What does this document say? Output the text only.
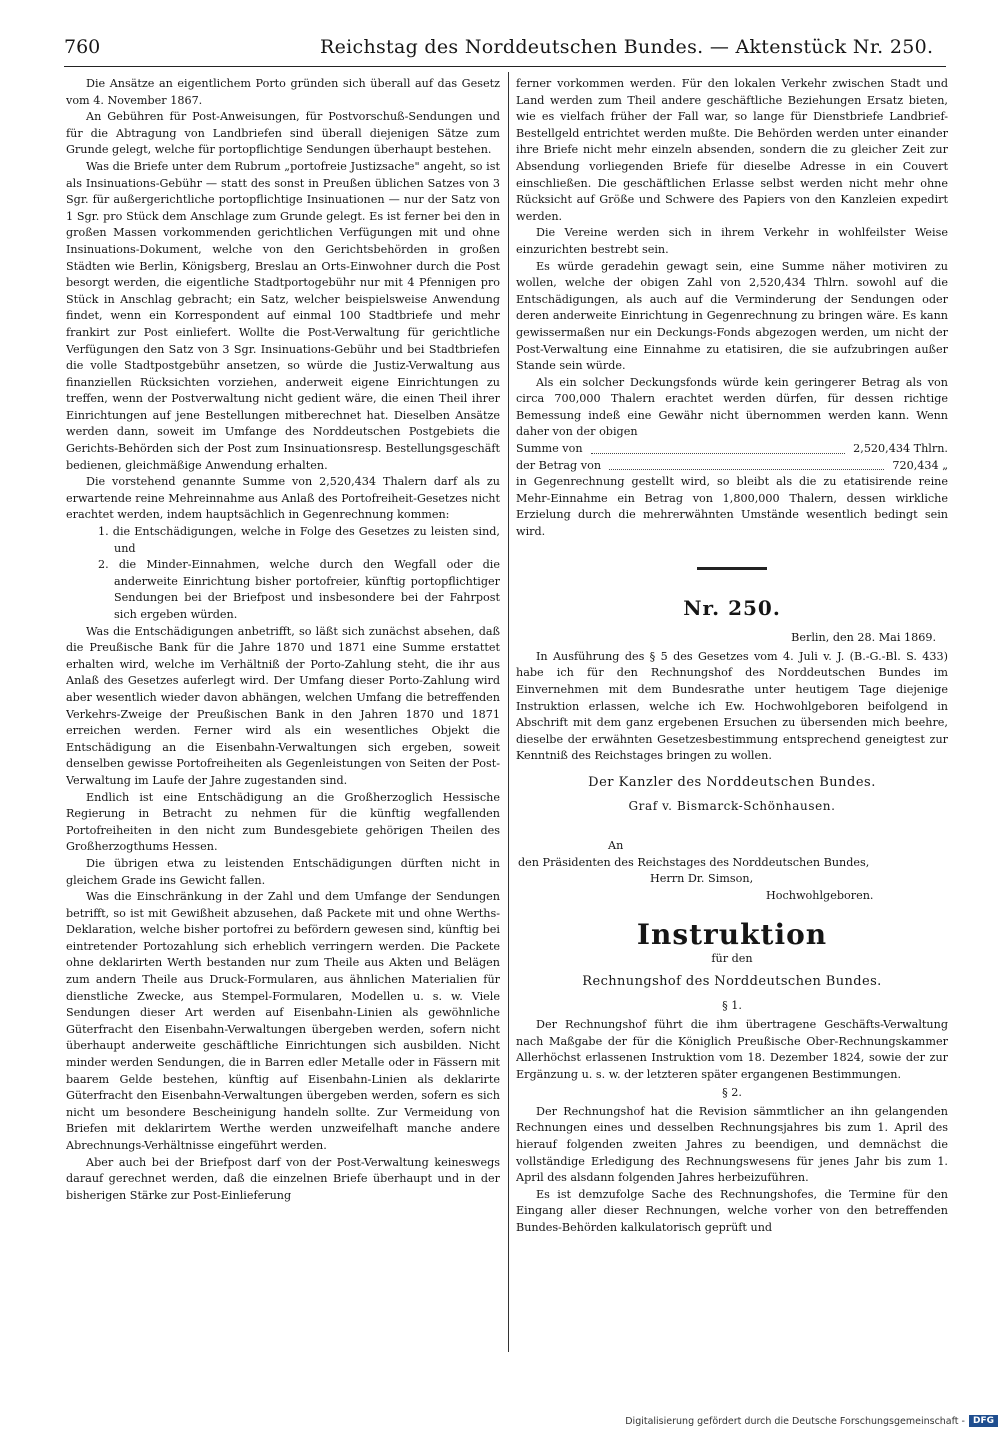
760	Reichstag des Norddeutschen Bundes. — Aktenstück Nr. 250.

Die Ansätze an eigentlichem Porto gründen sich überall auf das Gesetz vom 4. November 1867.

An Gebühren für Post-Anweisungen, für Postvorschuß-Sendungen und für die Abtragung von Landbriefen sind überall diejenigen Sätze zum Grunde gelegt, welche für portopflichtige Sendungen überhaupt bestehen.

Was die Briefe unter dem Rubrum „portofreie Justizsache" angeht, so ist als Insinuations-Gebühr — statt des sonst in Preußen üblichen Satzes von 3 Sgr. für außergerichtliche portopflichtige Insinuationen — nur der Satz von 1 Sgr. pro Stück dem Anschlage zum Grunde gelegt. Es ist ferner bei den in großen Massen vorkommenden gerichtlichen Verfügungen mit und ohne Insinuations-Dokument, welche von den Gerichtsbehörden in großen Städten wie Berlin, Königsberg, Breslau an Orts-Einwohner durch die Post besorgt werden, die eigentliche Stadtportogebühr nur mit 4 Pfennigen pro Stück in Anschlag gebracht; ein Satz, welcher beispielsweise Anwendung findet, wenn ein Korrespondent auf einmal 100 Stadtbriefe und mehr frankirt zur Post einliefert. Wollte die Post-Verwaltung für gerichtliche Verfügungen den Satz von 3 Sgr. Insinuations-Gebühr und bei Stadtbriefen die volle Stadtpostgebühr ansetzen, so würde die Justiz-Verwaltung aus finanziellen Rücksichten vorziehen, anderweit eigene Einrichtungen zu treffen, wenn der Postverwaltung nicht gedient wäre, die einen Theil ihrer Einrichtungen auf jene Bestellungen mitberechnet hat. Dieselben Ansätze werden dann, soweit im Umfange des Norddeutschen Postgebiets die Gerichts-Behörden sich der Post zum Insinuationsresp. Bestellungsgeschäft bedienen, gleichmäßige Anwendung erhalten.

Die vorstehend genannte Summe von 2,520,434 Thalern darf als zu erwartende reine Mehreinnahme aus Anlaß des Portofreiheit-Gesetzes nicht erachtet werden, indem hauptsächlich in Gegenrechnung kommen:

1. die Entschädigungen, welche in Folge des Gesetzes zu leisten sind, und
2. die Minder-Einnahmen, welche durch den Wegfall oder die anderweite Einrichtung bisher portofreier, künftig portopflichtiger Sendungen bei der Briefpost und insbesondere bei der Fahrpost sich ergeben würden.

Was die Entschädigungen anbetrifft, so läßt sich zunächst absehen, daß die Preußische Bank für die Jahre 1870 und 1871 eine Summe erstattet erhalten wird, welche im Verhältniß der Porto-Zahlung steht, die ihr aus Anlaß des Gesetzes auferlegt wird. Der Umfang dieser Porto-Zahlung wird aber wesentlich wieder davon abhängen, welchen Umfang die betreffenden Verkehrs-Zweige der Preußischen Bank in den Jahren 1870 und 1871 erreichen werden. Ferner wird als ein wesentliches Objekt die Entschädigung an die Eisenbahn-Verwaltungen sich ergeben, soweit denselben gewisse Portofreiheiten als Gegenleistungen von Seiten der Post-Verwaltung im Laufe der Jahre zugestanden sind.

Endlich ist eine Entschädigung an die Großherzoglich Hessische Regierung in Betracht zu nehmen für die künftig wegfallenden Portofreiheiten in den nicht zum Bundesgebiete gehörigen Theilen des Großherzogthums Hessen.

Die übrigen etwa zu leistenden Entschädigungen dürften nicht in gleichem Grade ins Gewicht fallen.

Was die Einschränkung in der Zahl und dem Umfange der Sendungen betrifft, so ist mit Gewißheit abzusehen, daß Packete mit und ohne Werths-Deklaration, welche bisher portofrei zu befördern gewesen sind, künftig bei eintretender Portozahlung sich erheblich verringern werden. Die Packete ohne deklarirten Werth bestanden nur zum Theile aus Akten und Belägen zum andern Theile aus Druck-Formularen, aus ähnlichen Materialien für dienstliche Zwecke, aus Stempel-Formularen, Modellen u. s. w. Viele Sendungen dieser Art werden auf Eisenbahn-Linien als gewöhnliche Güterfracht den Eisenbahn-Verwaltungen übergeben werden, sofern nicht überhaupt anderweite geschäftliche Einrichtungen sich ausbilden. Nicht minder werden Sendungen, die in Barren edler Metalle oder in Fässern mit baarem Gelde bestehen, künftig auf Eisenbahn-Linien als deklarirte Güterfracht den Eisenbahn-Verwaltungen übergeben werden, sofern es sich nicht um besondere Bescheinigung handeln sollte. Zur Vermeidung von Briefen mit deklarirtem Werthe werden unzweifelhaft manche andere Abrechnungs-Verhältnisse eingeführt werden.

Aber auch bei der Briefpost darf von der Post-Verwaltung keineswegs darauf gerechnet werden, daß die einzelnen Briefe überhaupt und in der bisherigen Stärke zur Post-Einlieferung

ferner vorkommen werden. Für den lokalen Verkehr zwischen Stadt und Land werden zum Theil andere geschäftliche Beziehungen Ersatz bieten, wie es vielfach früher der Fall war, so lange für Dienstbriefe Landbrief-Bestellgeld entrichtet werden mußte. Die Behörden werden unter einander ihre Briefe nicht mehr einzeln absenden, sondern die zu gleicher Zeit zur Absendung vorliegenden Briefe für dieselbe Adresse in ein Couvert einschließen. Die geschäftlichen Erlasse selbst werden nicht mehr ohne Rücksicht auf Größe und Schwere des Papiers von den Kanzleien expedirt werden.

Die Vereine werden sich in ihrem Verkehr in wohlfeilster Weise einzurichten bestrebt sein.

Es würde geradehin gewagt sein, eine Summe näher motiviren zu wollen, welche der obigen Zahl von 2,520,434 Thlrn. sowohl auf die Entschädigungen, als auch auf die Verminderung der Sendungen oder deren anderweite Einrichtung in Gegenrechnung zu bringen wäre. Es kann gewissermaßen nur ein Deckungs-Fonds abgezogen werden, um nicht der Post-Verwaltung eine Einnahme zu etatisiren, die sie aufzubringen außer Stande sein würde.

Als ein solcher Deckungsfonds würde kein geringerer Betrag als von circa 700,000 Thalern erachtet werden dürfen, für dessen richtige Bemessung indeß eine Gewähr nicht übernommen werden kann. Wenn daher von der obigen

Summe von	2,520,434 Thlrn.
der Betrag von	720,434 „

in Gegenrechnung gestellt wird, so bleibt als die zu etatisirende reine Mehr-Einnahme ein Betrag von 1,800,000 Thalern, dessen wirkliche Erzielung durch die mehrerwähnten Umstände wesentlich bedingt sein wird.

Nr. 250.
Berlin, den 28. Mai 1869.

In Ausführung des § 5 des Gesetzes vom 4. Juli v. J. (B.-G.-Bl. S. 433) habe ich für den Rechnungshof des Norddeutschen Bundes im Einvernehmen mit dem Bundesrathe unter heutigem Tage diejenige Instruktion erlassen, welche ich Ew. Hochwohlgeboren beifolgend in Abschrift mit dem ganz ergebenen Ersuchen zu übersenden mich beehre, dieselbe der erwähnten Gesetzesbestimmung entsprechend geneigtest zur Kenntniß des Reichstages bringen zu wollen.

Der Kanzler des Norddeutschen Bundes.
Graf v. Bismarck-Schönhausen.
An
den Präsidenten des Reichstages des Norddeutschen Bundes,
Herrn Dr. Simson,
Hochwohlgeboren.
Instruktion
für den
Rechnungshof des Norddeutschen Bundes.
§ 1.

Der Rechnungshof führt die ihm übertragene Geschäfts-Verwaltung nach Maßgabe der für die Königlich Preußische Ober-Rechnungskammer Allerhöchst erlassenen Instruktion vom 18. Dezember 1824, sowie der zur Ergänzung u. s. w. der letzteren später ergangenen Bestimmungen.

§ 2.

Der Rechnungshof hat die Revision sämmtlicher an ihn gelangenden Rechnungen eines und desselben Rechnungsjahres bis zum 1. April des hierauf folgenden zweiten Jahres zu beendigen, und demnächst die vollständige Erledigung des Rechnungswesens für jenes Jahr bis zum 1. April des alsdann folgenden Jahres herbeizuführen.

Es ist demzufolge Sache des Rechnungshofes, die Termine für den Eingang aller dieser Rechnungen, welche vorher von den betreffenden Bundes-Behörden kalkulatorisch geprüft und

Digitalisierung gefördert durch die Deutsche Forschungsgemeinschaft - DFG
